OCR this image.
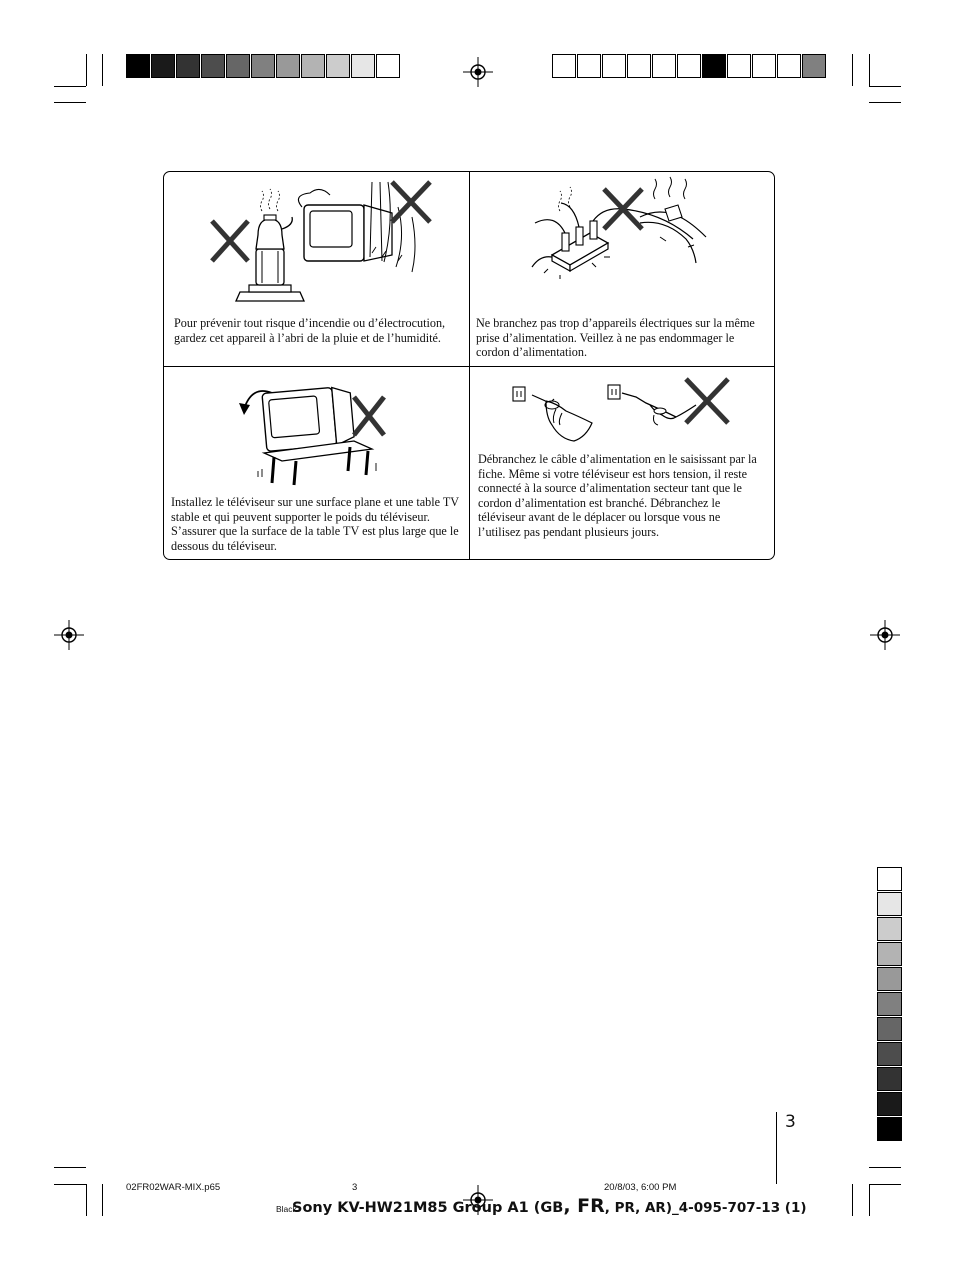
Pour prévenir tout risque d’incendie ou d’électrocution, gardez cet appareil à l’abri de la pluie et de l’humidité.
Ne branchez pas trop d’appareils électriques sur la même prise d’alimentation. Veillez à ne pas endommager le cordon d’alimentation.
Installez le téléviseur sur une surface plane et une table TV stable et qui peuvent supporter le poids du téléviseur. S’assurer que la surface de la table TV est plus large que le dessous du téléviseur.
Débranchez le câble d’alimentation en le saisissant par la fiche. Même si votre téléviseur est hors tension, il reste connecté à la source d’alimentation secteur tant que le cordon d’alimentation est branché. Débranchez le téléviseur avant de le déplacer ou lorsque vous ne l’utilisez pas pendant plusieurs jours.
3
02FR02WAR-MIX.p65	3	20/8/03, 6:00 PM
Black
Sony KV-HW21M85 Group A1 (GB, FR, PR, AR)_4-095-707-13 (1)
